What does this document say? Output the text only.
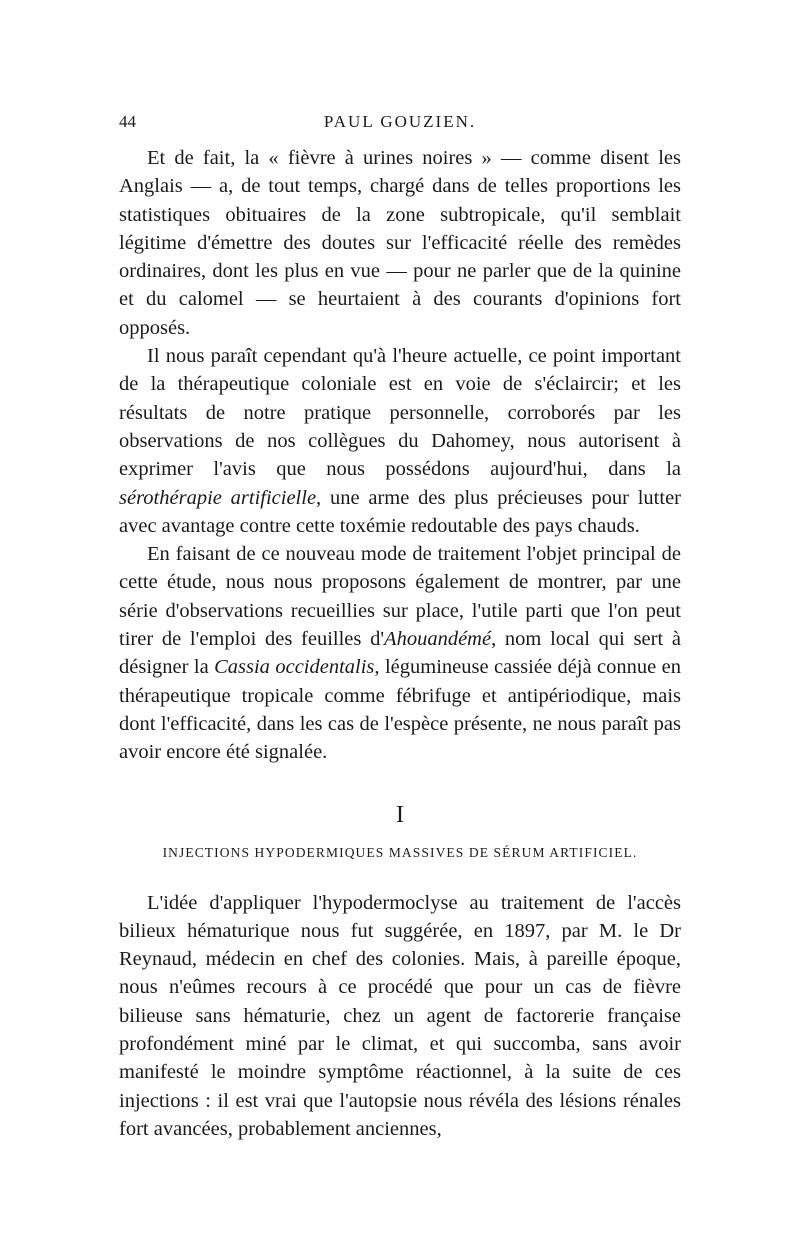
44	PAUL GOUZIEN.

Et de fait, la « fièvre à urines noires » — comme disent les Anglais — a, de tout temps, chargé dans de telles proportions les statistiques obituaires de la zone subtropicale, qu'il semblait légitime d'émettre des doutes sur l'efficacité réelle des remèdes ordinaires, dont les plus en vue — pour ne parler que de la quinine et du calomel — se heurtaient à des courants d'opinions fort opposés.

Il nous paraît cependant qu'à l'heure actuelle, ce point important de la thérapeutique coloniale est en voie de s'éclaircir; et les résultats de notre pratique personnelle, corroborés par les observations de nos collègues du Dahomey, nous autorisent à exprimer l'avis que nous possédons aujourd'hui, dans la sérothérapie artificielle, une arme des plus précieuses pour lutter avec avantage contre cette toxémie redoutable des pays chauds.

En faisant de ce nouveau mode de traitement l'objet principal de cette étude, nous nous proposons également de montrer, par une série d'observations recueillies sur place, l'utile parti que l'on peut tirer de l'emploi des feuilles d'Ahouandémé, nom local qui sert à désigner la Cassia occidentalis, légumineuse cassiée déjà connue en thérapeutique tropicale comme fébrifuge et antipériodique, mais dont l'efficacité, dans les cas de l'espèce présente, ne nous paraît pas avoir encore été signalée.

I
INJECTIONS HYPODERMIQUES MASSIVES DE SÉRUM ARTIFICIEL.

L'idée d'appliquer l'hypodermoclyse au traitement de l'accès bilieux hématurique nous fut suggérée, en 1897, par M. le Dr Reynaud, médecin en chef des colonies. Mais, à pareille époque, nous n'eûmes recours à ce procédé que pour un cas de fièvre bilieuse sans hématurie, chez un agent de factorerie française profondément miné par le climat, et qui succomba, sans avoir manifesté le moindre symptôme réactionnel, à la suite de ces injections : il est vrai que l'autopsie nous révéla des lésions rénales fort avancées, probablement anciennes,
